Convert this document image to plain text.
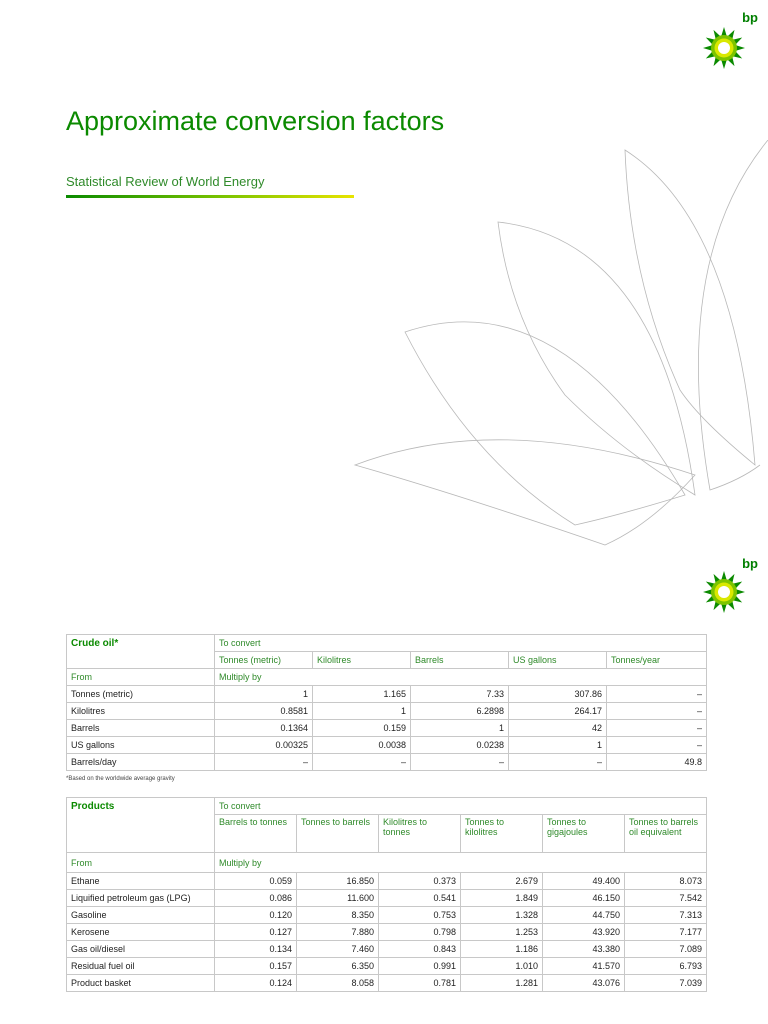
bp
Approximate conversion factors

Statistical Review of World Energy

bp
Crude oil*	To convert				
	Tonnes (metric)	Kilolitres	Barrels	US gallons	Tonnes/year
From	Multiply by				
Tonnes (metric)	1	1.165	7.33	307.86	–
Kilolitres	0.8581	1	6.2898	264.17	–
Barrels	0.1364	0.159	1	42	–
US gallons	0.00325	0.0038	0.0238	1	–
Barrels/day	–	–	–	–	49.8

*Based on the worldwide average gravity

Products	To convert					
	Barrels to tonnes	Tonnes to barrels	Kilolitres to tonnes	Tonnes to kilolitres	Tonnes to gigajoules	Tonnes to barrels oil equivalent
From	Multiply by					
Ethane	0.059	16.850	0.373	2.679	49.400	8.073
Liquified petroleum gas (LPG)	0.086	11.600	0.541	1.849	46.150	7.542
Gasoline	0.120	8.350	0.753	1.328	44.750	7.313
Kerosene	0.127	7.880	0.798	1.253	43.920	7.177
Gas oil/diesel	0.134	7.460	0.843	1.186	43.380	7.089
Residual fuel oil	0.157	6.350	0.991	1.010	41.570	6.793
Product basket	0.124	8.058	0.781	1.281	43.076	7.039
